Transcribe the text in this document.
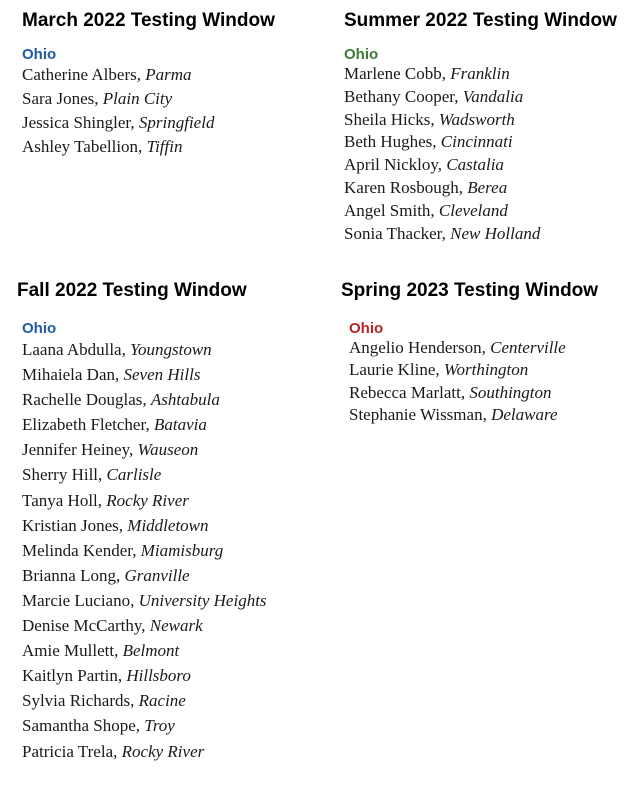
March 2022 Testing Window
Ohio
Catherine Albers, Parma
Sara Jones, Plain City
Jessica Shingler, Springfield
Ashley Tabellion, Tiffin
Summer 2022 Testing Window
Ohio
Marlene Cobb, Franklin
Bethany Cooper, Vandalia
Sheila Hicks, Wadsworth
Beth Hughes, Cincinnati
April Nickloy, Castalia
Karen Rosbough, Berea
Angel Smith, Cleveland
Sonia Thacker, New Holland
Fall 2022 Testing Window
Ohio
Laana Abdulla, Youngstown
Mihaiela Dan, Seven Hills
Rachelle Douglas, Ashtabula
Elizabeth Fletcher, Batavia
Jennifer Heiney, Wauseon
Sherry Hill, Carlisle
Tanya Holl, Rocky River
Kristian Jones, Middletown
Melinda Kender, Miamisburg
Brianna Long, Granville
Marcie Luciano, University Heights
Denise McCarthy, Newark
Amie Mullett, Belmont
Kaitlyn Partin, Hillsboro
Sylvia Richards, Racine
Samantha Shope, Troy
Patricia Trela, Rocky River
Spring 2023 Testing Window
Ohio
Angelio Henderson, Centerville
Laurie Kline, Worthington
Rebecca Marlatt, Southington
Stephanie Wissman, Delaware
